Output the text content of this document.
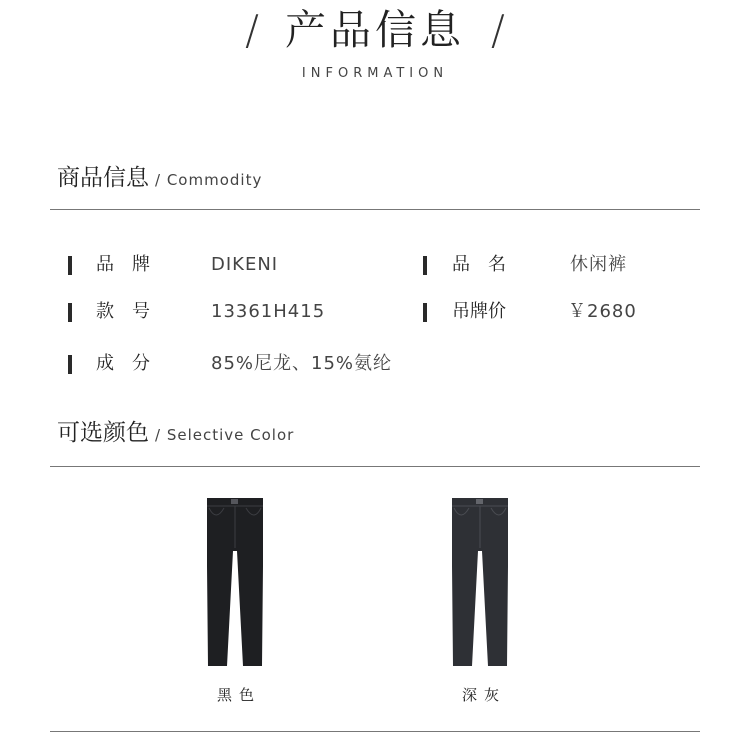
/ 产品信息 /
INFORMATION
商品信息 / Commodity
品　牌	DIKENI	品　名	休闲裤
款　号	13361H415	吊牌价	￥2680
成　分	85%尼龙、15%氨纶
可选颜色 / Selective Color
黑色	深灰
